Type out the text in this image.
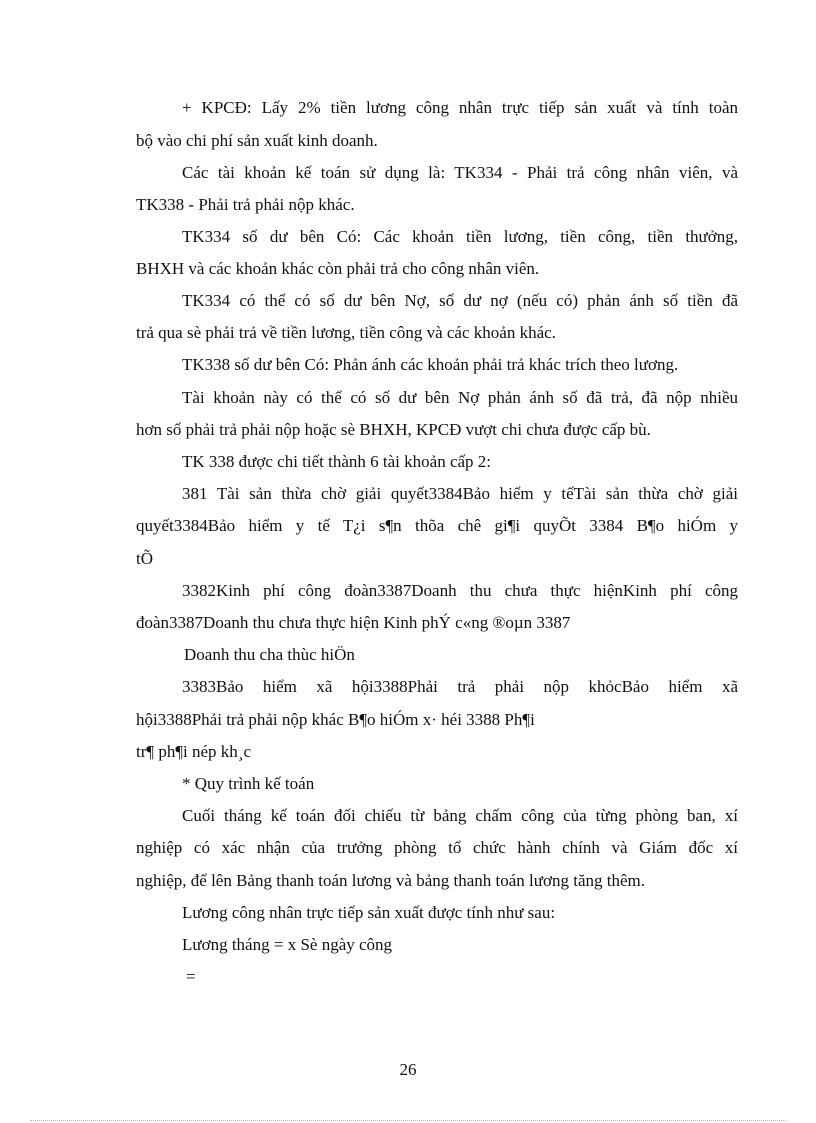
+ KPCĐ: Lấy 2% tiền lương công nhân trực tiếp sản xuất và tính toàn

bộ vào chi phí sản xuất kinh doanh.

Các tài khoản kế toán sử dụng là: TK334 - Phải trả công nhân viên, và

TK338 - Phải trả phải nộp khác.

TK334 số dư bên Có: Các khoản tiền lương, tiền công, tiền thưởng,

BHXH và các khoản khác còn phải trả cho công nhân viên.

TK334 có thể có số dư bên Nợ, số dư nợ (nếu có) phản ánh số tiền đã

trả qua sè phải trả về tiền lương, tiền công và các khoản khác.

TK338 số dư bên Có: Phản ánh các khoản phải trả khác trích theo lương.

Tài khoản này có thể có số dư bên Nợ phản ánh số đã trả, đã nộp nhiều

hơn số phải trả phải nộp hoặc sè BHXH, KPCĐ vượt chi chưa được cấp bù.

TK 338 được chi tiết thành 6 tài khoản cấp 2:

381 Tài sản thừa chờ giải quyết3384Bảo hiểm y tếTài sản thừa chờ giải

quyết3384Bảo hiểm y tế T¿i s¶n thõa chê gi¶i quyÕt 3384 B¶o hiÓm y

tÕ

3382Kinh phí công đoàn3387Doanh thu chưa thực hiệnKinh phí công

đoàn3387Doanh thu chưa thực hiện Kinh phÝ c«ng ®oµn 3387

Doanh thu cha thùc hiÖn

3383Bảo hiểm xã hội3388Phải trả phải nộp khỏcBảo hiểm xã

hội3388Phải trả phải nộp khác B¶o hiÓm x· héi 3388 Ph¶i

tr¶ ph¶i nép kh¸c

* Quy trình kế toán

Cuối tháng kế toán đối chiếu từ bảng chấm công của từng phòng ban, xí

nghiệp có xác nhận của trưởng phòng tổ chức hành chính và Giám đốc xí

nghiệp, để lên Bảng thanh toán lương và bảng thanh toán lương tăng thêm.

Lương công nhân trực tiếp sản xuất được tính như sau:

Lương tháng = x Sè ngày công

=

26
